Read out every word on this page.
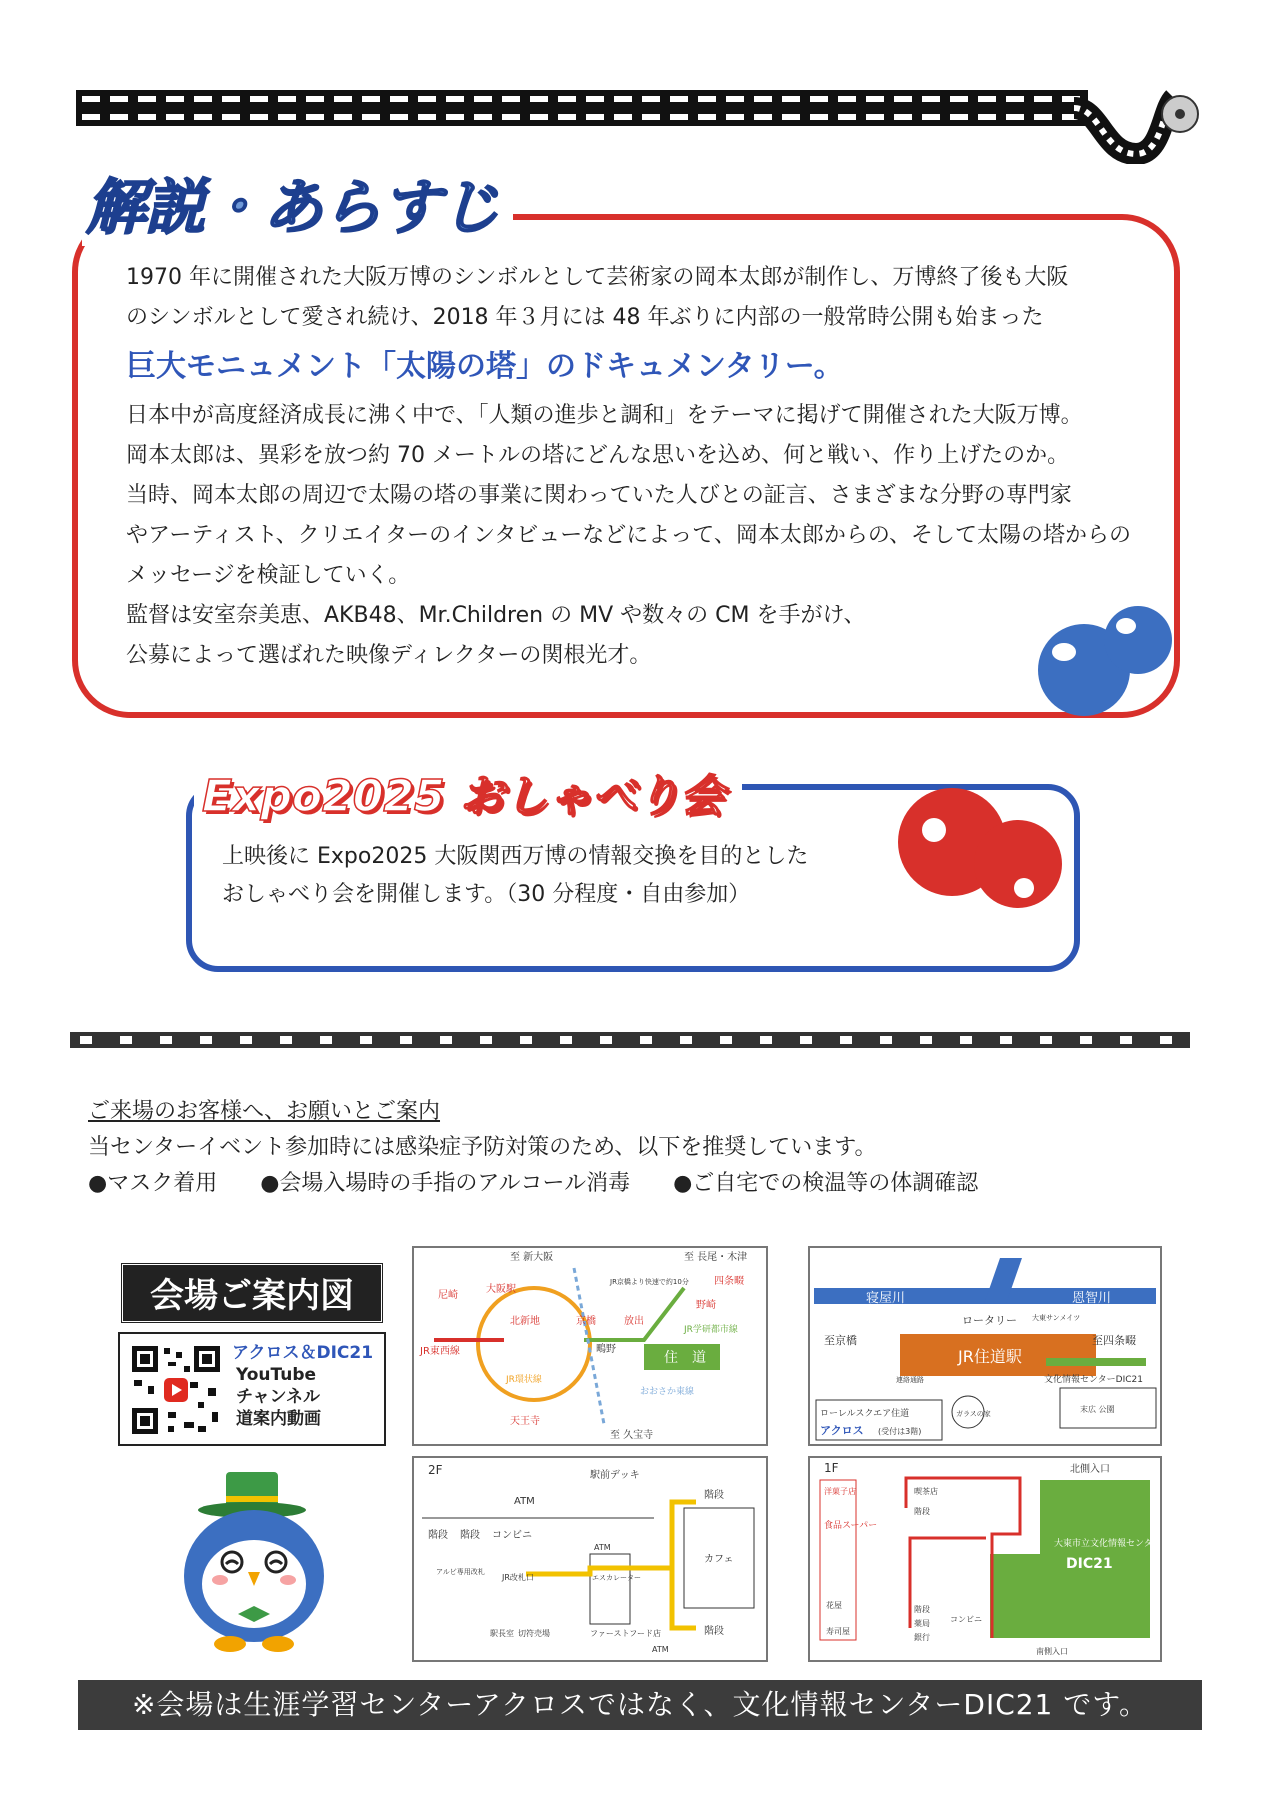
解説・あらすじ

1970 年に開催された大阪万博のシンボルとして芸術家の岡本太郎が制作し、万博終了後も大阪

のシンボルとして愛され続け、2018 年３月には 48 年ぶりに内部の一般常時公開も始まった

巨大モニュメント「太陽の塔」のドキュメンタリー。

日本中が高度経済成長に沸く中で、「人類の進歩と調和」をテーマに掲げて開催された大阪万博。

岡本太郎は、異彩を放つ約 70 メートルの塔にどんな思いを込め、何と戦い、作り上げたのか。

当時、岡本太郎の周辺で太陽の塔の事業に関わっていた人びとの証言、さまざまな分野の専門家

やアーティスト、クリエイターのインタビューなどによって、岡本太郎からの、そして太陽の塔からの

メッセージを検証していく。

監督は安室奈美恵、AKB48、Mr.Children の MV や数々の CM を手がけ、

公募によって選ばれた映像ディレクターの関根光才。

Expo2025 おしゃべり会
上映後に Expo2025 大阪関西万博の情報交換を目的とした
おしゃべり会を開催します。（30 分程度・自由参加）
ご来場のお客様へ、お願いとご案内
当センターイベント参加時には感染症予防対策のため、以下を推奨しています。
●マスク着用 ●会場入場時の手指のアルコール消毒 ●ご自宅での検温等の体調確認
会場ご案内図
アクロス＆DIC21
YouTube
チャンネル
道案内動画
至 新大阪	至 長尾・木津
尼崎
大阪駅
北新地	京橋	放出
四条畷
野崎
JR東西線	鴫野
JR学研都市線
住　道
天王寺
JR環状線
おおさか東線
至 久宝寺
JR京橋より快速で約10分
寝屋川	恩智川
ロータリー 大東サンメイツ
至京橋
JR住道駅
至四条畷
連絡通路
ローレルスクエア住道
アクロス (受付は3階)
ガラスの家
文化情報センターDIC21
末広 公園
2F	駅前デッキ
ATM
階段 階段 コンビニ
アルビ専用改札
JR改札口
ATM
エスカレーター
カフェ
階段
階段
駅長室 切符売場	ファーストフード店
ATM
1F	北側入口
洋菓子店
食品スーパー
花屋
寿司屋
喫茶店
階段
階段
薬局
銀行
コンビニ
大東市立文化情報センター
DIC21
南側入口
※会場は生涯学習センターアクロスではなく、文化情報センターDIC21 です。
